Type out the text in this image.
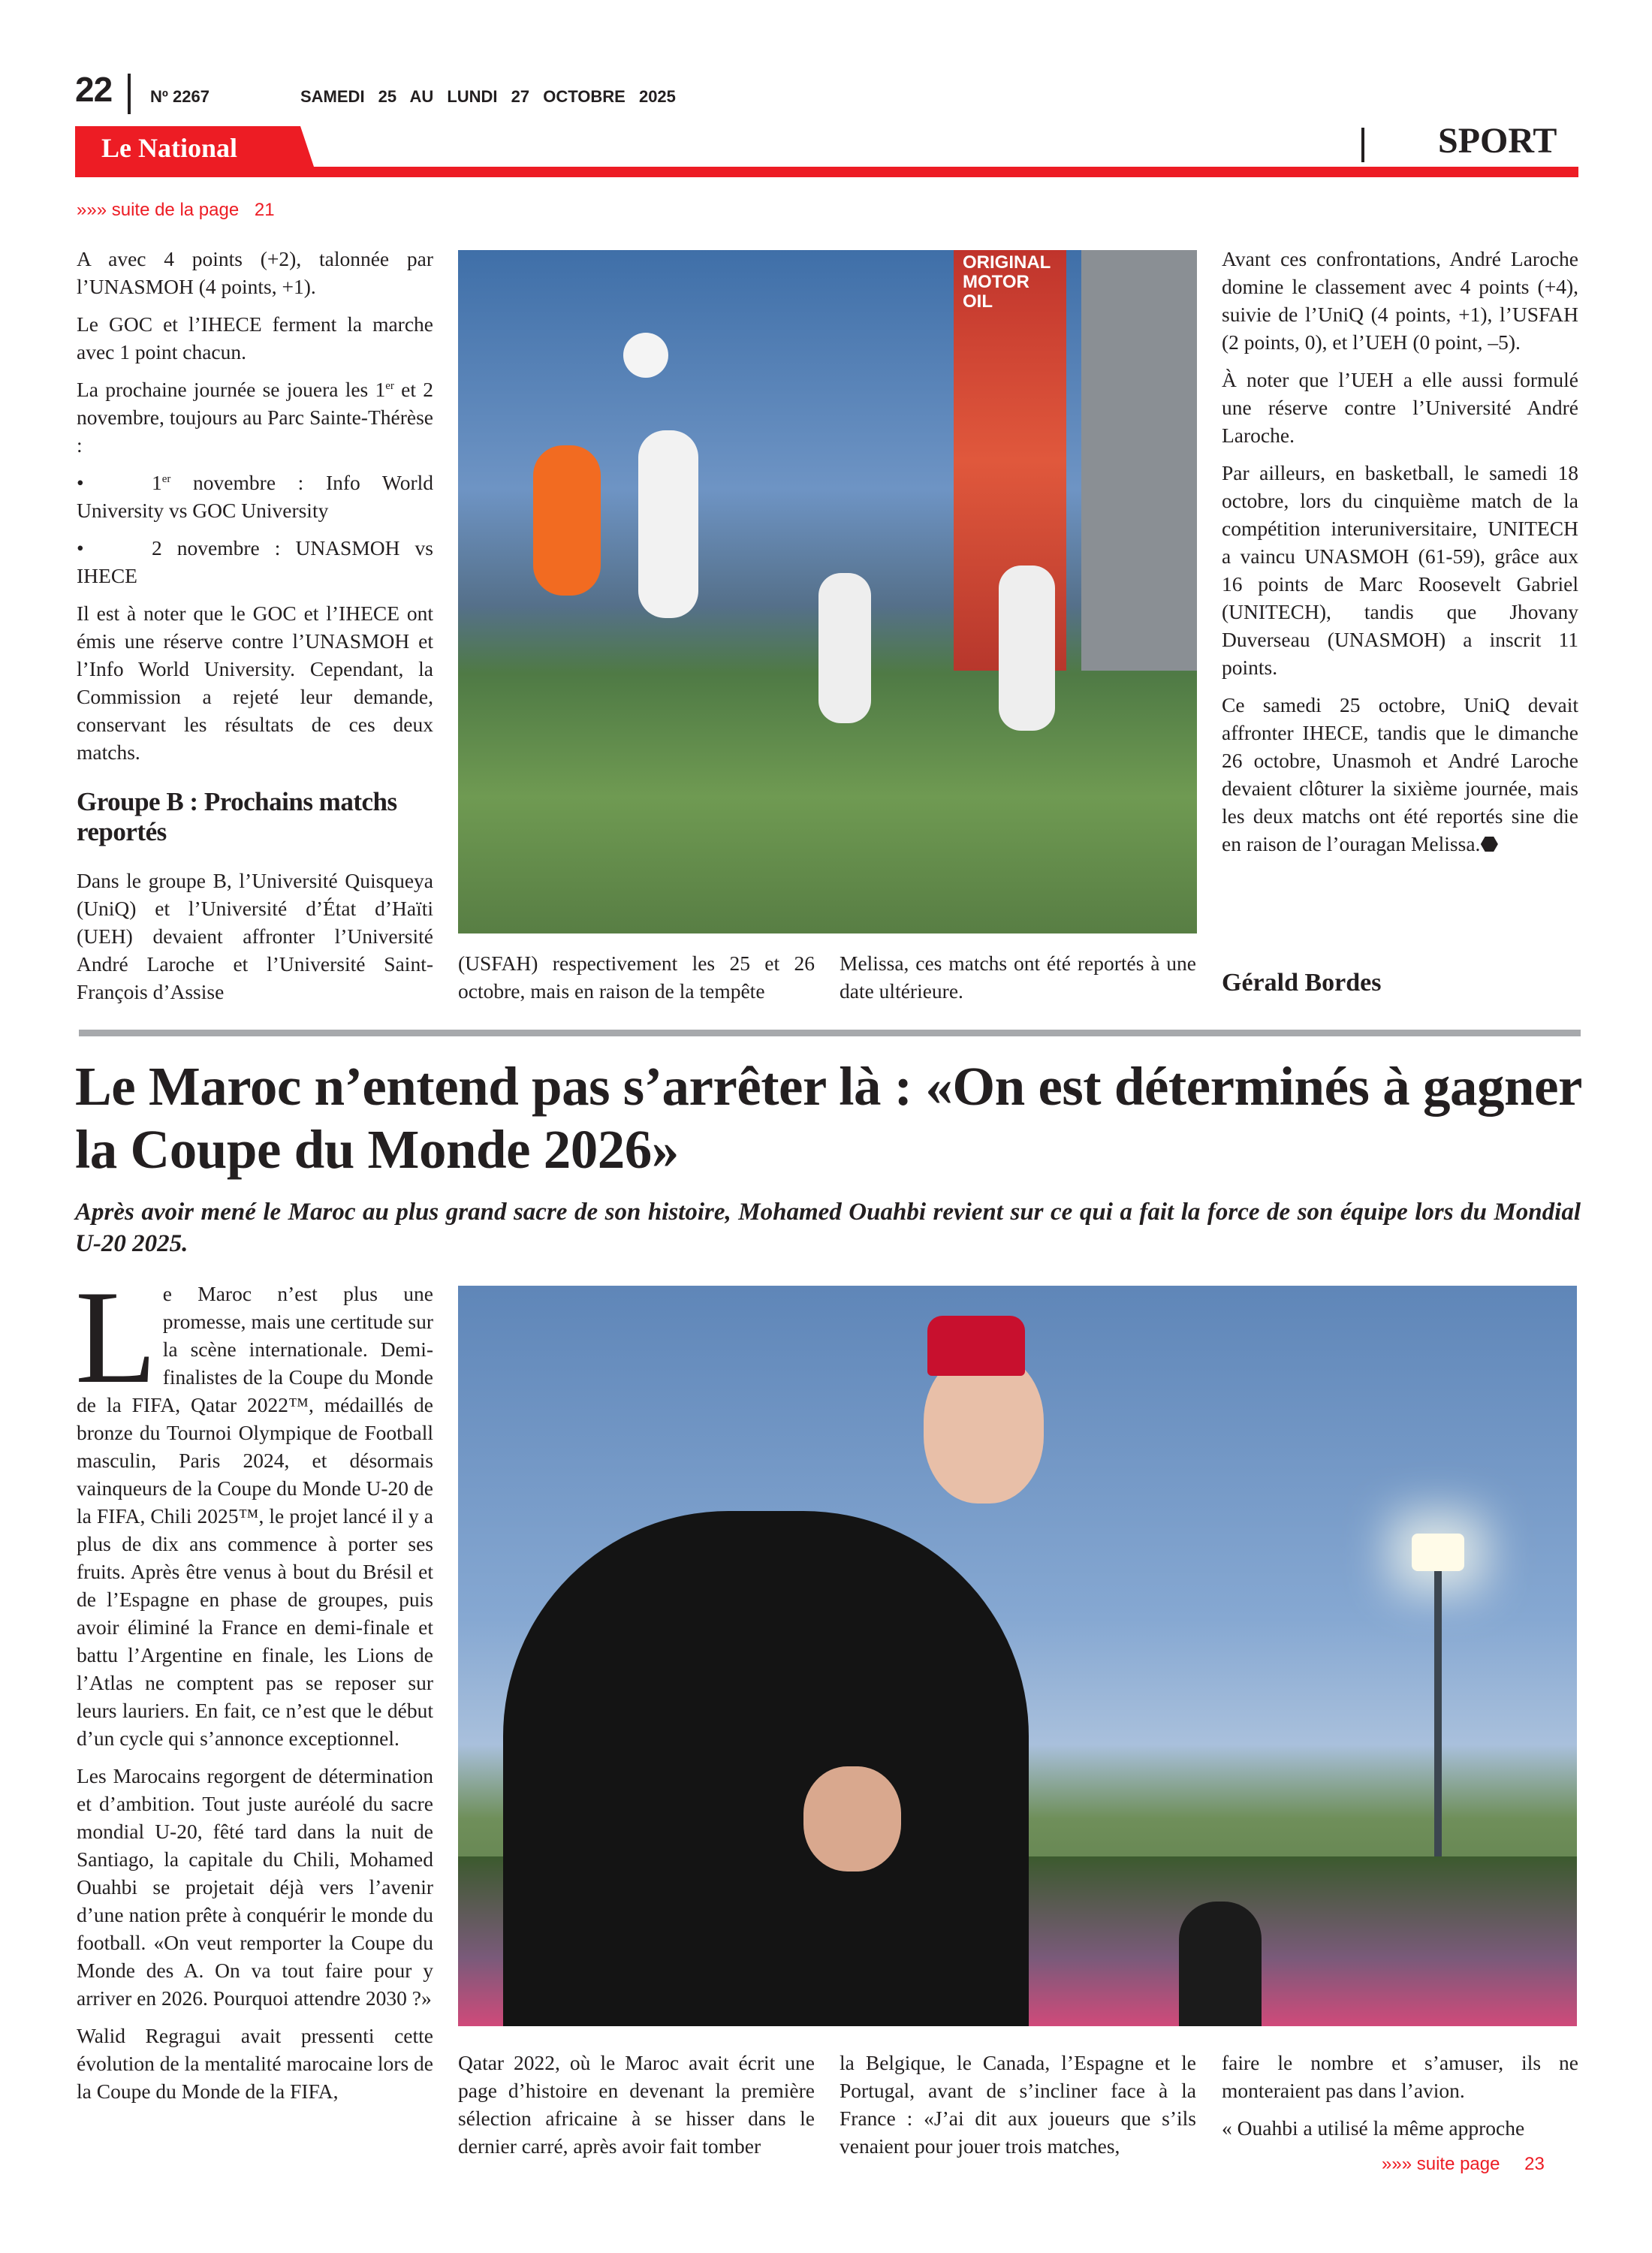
22 Nº 2267	SAMEDI 25 AU LUNDI 27 OCTOBRE 2025
Le National	SPORT
»»» suite de la page 21

A avec 4 points (+2), talonnée par l’UNASMOH (4 points, +1).

Le GOC et l’IHECE ferment la marche avec 1 point chacun.

La prochaine journée se jouera les 1er et 2 novembre, toujours au Parc Sainte-Thérèse :

•	1er novembre : Info World University vs GOC University

•	2 novembre : UNASMOH vs IHECE

Il est à noter que le GOC et l’IHECE ont émis une réserve contre l’UNASMOH et l’Info World University. Cependant, la Commission a rejeté leur demande, conservant les résultats de ces deux matchs.

Groupe B : Prochains matchs reportés

Dans le groupe B, l’Université Quisqueya (UniQ) et l’Université d’État d’Haïti (UEH) devaient affronter l’Université André Laroche et l’Université Saint-François d’Assise

ORIGINAL MOTOR OIL
(USFAH) respectivement les 25 et 26 octobre, mais en raison de la tempête
Melissa, ces matchs ont été reportés à une date ultérieure.

Avant ces confrontations, André Laroche domine le classement avec 4 points (+4), suivie de l’UniQ (4 points, +1), l’USFAH (2 points, 0), et l’UEH (0 point, –5).

À noter que l’UEH a elle aussi formulé une réserve contre l’Université André Laroche.

Par ailleurs, en basketball, le samedi 18 octobre, lors du cinquième match de la compétition interuniversitaire, UNITECH a vaincu UNASMOH (61-59), grâce aux 16 points de Marc Roosevelt Gabriel (UNITECH), tandis que Jhovany Duverseau (UNASMOH) a inscrit 11 points.

Ce samedi 25 octobre, UniQ devait affronter IHECE, tandis que le dimanche 26 octobre, Unasmoh et André Laroche devaient clôturer la sixième journée, mais les deux matchs ont été reportés sine die en raison de l’ouragan Melissa.⬣

Gérald Bordes
Le Maroc n’entend pas s’arrêter là : «On est déterminés à gagner la Coupe du Monde 2026»
Après avoir mené le Maroc au plus grand sacre de son histoire, Mohamed Ouahbi revient sur ce qui a fait la force de son équipe lors du Mondial U-20 2025.

Le Maroc n’est plus une promesse, mais une certitude sur la scène internationale. Demi-finalistes de la Coupe du Monde de la FIFA, Qatar 2022™, médaillés de bronze du Tournoi Olympique de Football masculin, Paris 2024, et désormais vainqueurs de la Coupe du Monde U-20 de la FIFA, Chili 2025™, le projet lancé il y a plus de dix ans commence à porter ses fruits. Après être venus à bout du Brésil et de l’Espagne en phase de groupes, puis avoir éliminé la France en demi-finale et battu l’Argentine en finale, les Lions de l’Atlas ne comptent pas se reposer sur leurs lauriers. En fait, ce n’est que le début d’un cycle qui s’annonce exceptionnel.

Les Marocains regorgent de détermination et d’ambition. Tout juste auréolé du sacre mondial U-20, fêté tard dans la nuit de Santiago, la capitale du Chili, Mohamed Ouahbi se projetait déjà vers l’avenir d’une nation prête à conquérir le monde du football. «On veut remporter la Coupe du Monde des A. On va tout faire pour y arriver en 2026. Pourquoi attendre 2030 ?»

Walid Regragui avait pressenti cette évolution de la mentalité marocaine lors de la Coupe du Monde de la FIFA,

Qatar 2022, où le Maroc avait écrit une page d’histoire en devenant la première sélection africaine à se hisser dans le dernier carré, après avoir fait tomber
la Belgique, le Canada, l’Espagne et le Portugal, avant de s’incliner face à la France : «J’ai dit aux joueurs que s’ils venaient pour jouer trois matches,

faire le nombre et s’amuser, ils ne monteraient pas dans l’avion.

« Ouahbi a utilisé la même approche

»»» suite page 23
